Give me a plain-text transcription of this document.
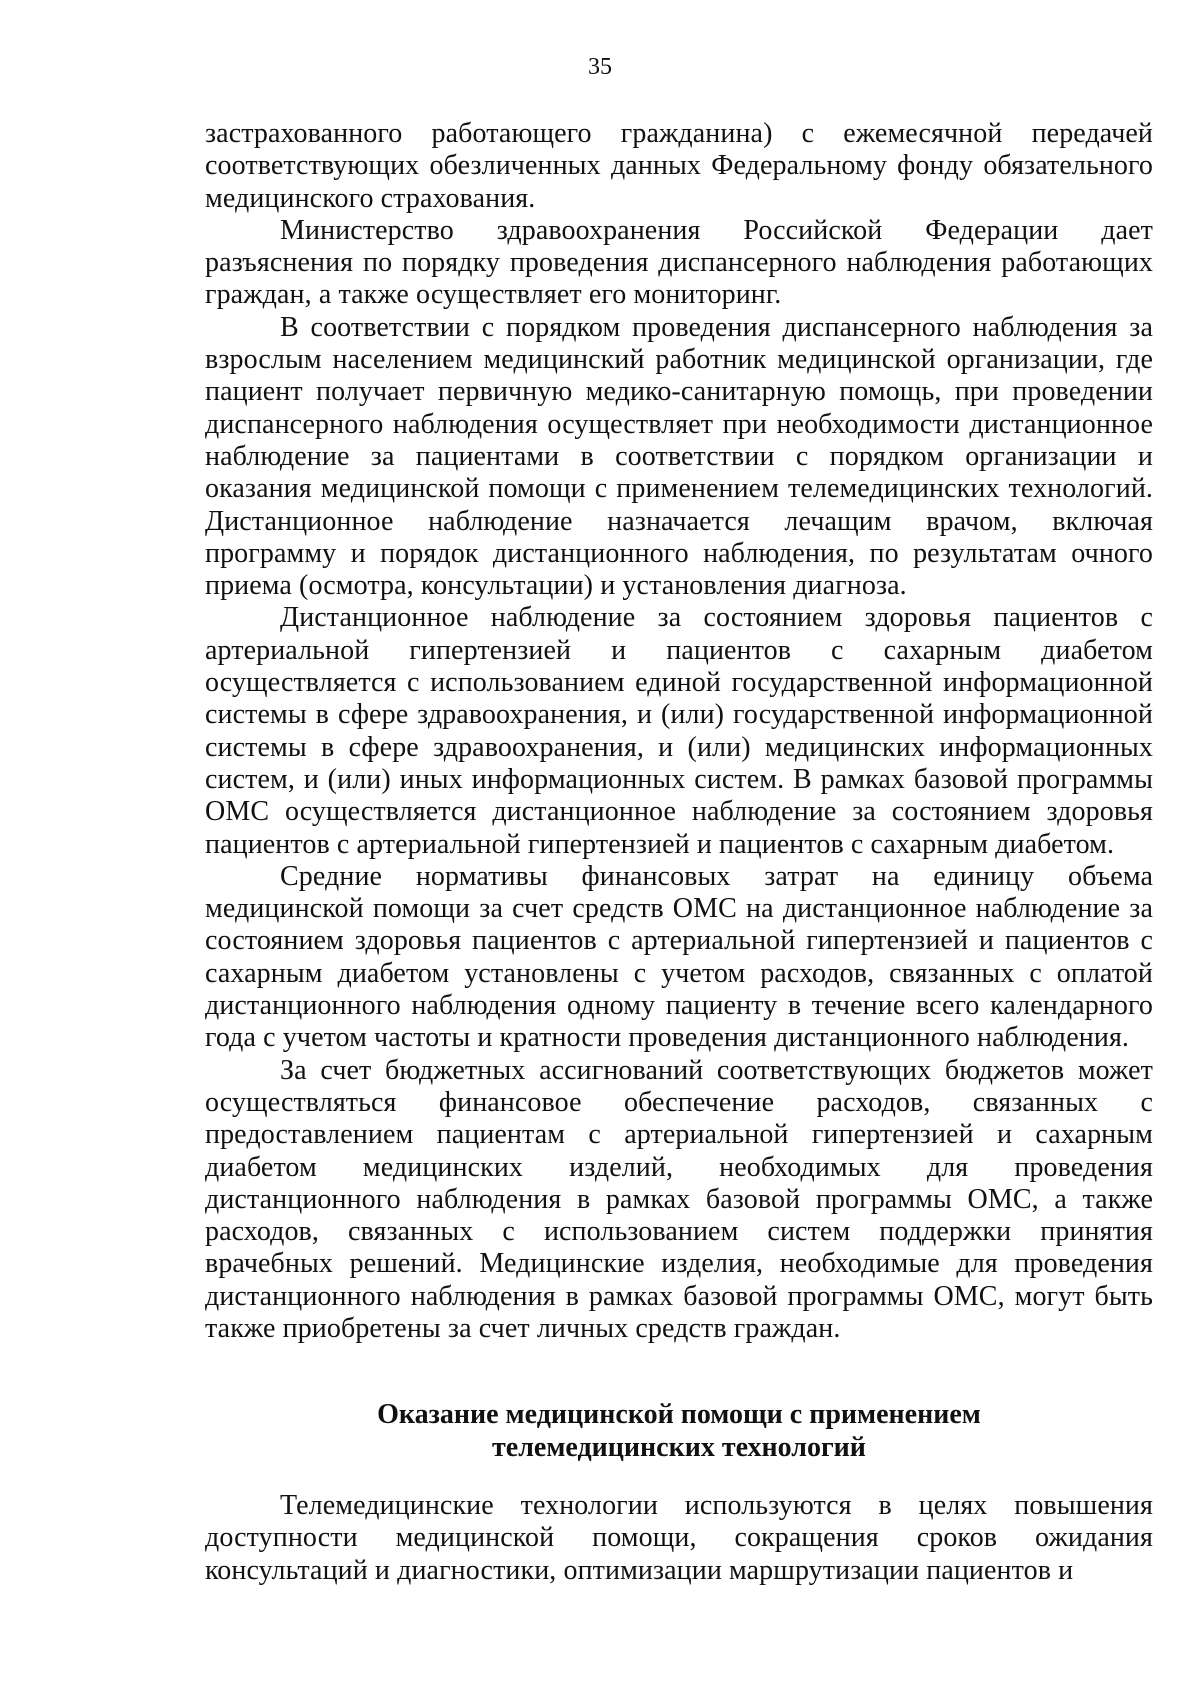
35

застрахованного работающего гражданина) с ежемесячной передачей соответствующих обезличенных данных Федеральному фонду обязательного медицинского страхования.

Министерство здравоохранения Российской Федерации дает разъяснения по порядку проведения диспансерного наблюдения работающих граждан, а также осуществляет его мониторинг.

В соответствии с порядком проведения диспансерного наблюдения за взрослым населением медицинский работник медицинской организации, где пациент получает первичную медико-санитарную помощь, при проведении диспансерного наблюдения осуществляет при необходимости дистанционное наблюдение за пациентами в соответствии с порядком организации и оказания медицинской помощи с применением телемедицинских технологий. Дистанционное наблюдение назначается лечащим врачом, включая программу и порядок дистанционного наблюдения, по результатам очного приема (осмотра, консультации) и установления диагноза.

Дистанционное наблюдение за состоянием здоровья пациентов с артериальной гипертензией и пациентов с сахарным диабетом осуществляется с использованием единой государственной информационной системы в сфере здравоохранения, и (или) государственной информационной системы в сфере здравоохранения, и (или) медицинских информационных систем, и (или) иных информационных систем. В рамках базовой программы ОМС осуществляется дистанционное наблюдение за состоянием здоровья пациентов с артериальной гипертензией и пациентов с сахарным диабетом.

Средние нормативы финансовых затрат на единицу объема медицинской помощи за счет средств ОМС на дистанционное наблюдение за состоянием здоровья пациентов с артериальной гипертензией и пациентов с сахарным диабетом установлены с учетом расходов, связанных с оплатой дистанционного наблюдения одному пациенту в течение всего календарного года с учетом частоты и кратности проведения дистанционного наблюдения.

За счет бюджетных ассигнований соответствующих бюджетов может осуществляться финансовое обеспечение расходов, связанных с предоставлением пациентам с артериальной гипертензией и сахарным диабетом медицинских изделий, необходимых для проведения дистанционного наблюдения в рамках базовой программы ОМС, а также расходов, связанных с использованием систем поддержки принятия врачебных решений. Медицинские изделия, необходимые для проведения дистанционного наблюдения в рамках базовой программы ОМС, могут быть также приобретены за счет личных средств граждан.

Оказание медицинской помощи с применением
телемедицинских технологий

Телемедицинские технологии используются в целях повышения доступности медицинской помощи, сокращения сроков ожидания консультаций и диагностики, оптимизации маршрутизации пациентов и
